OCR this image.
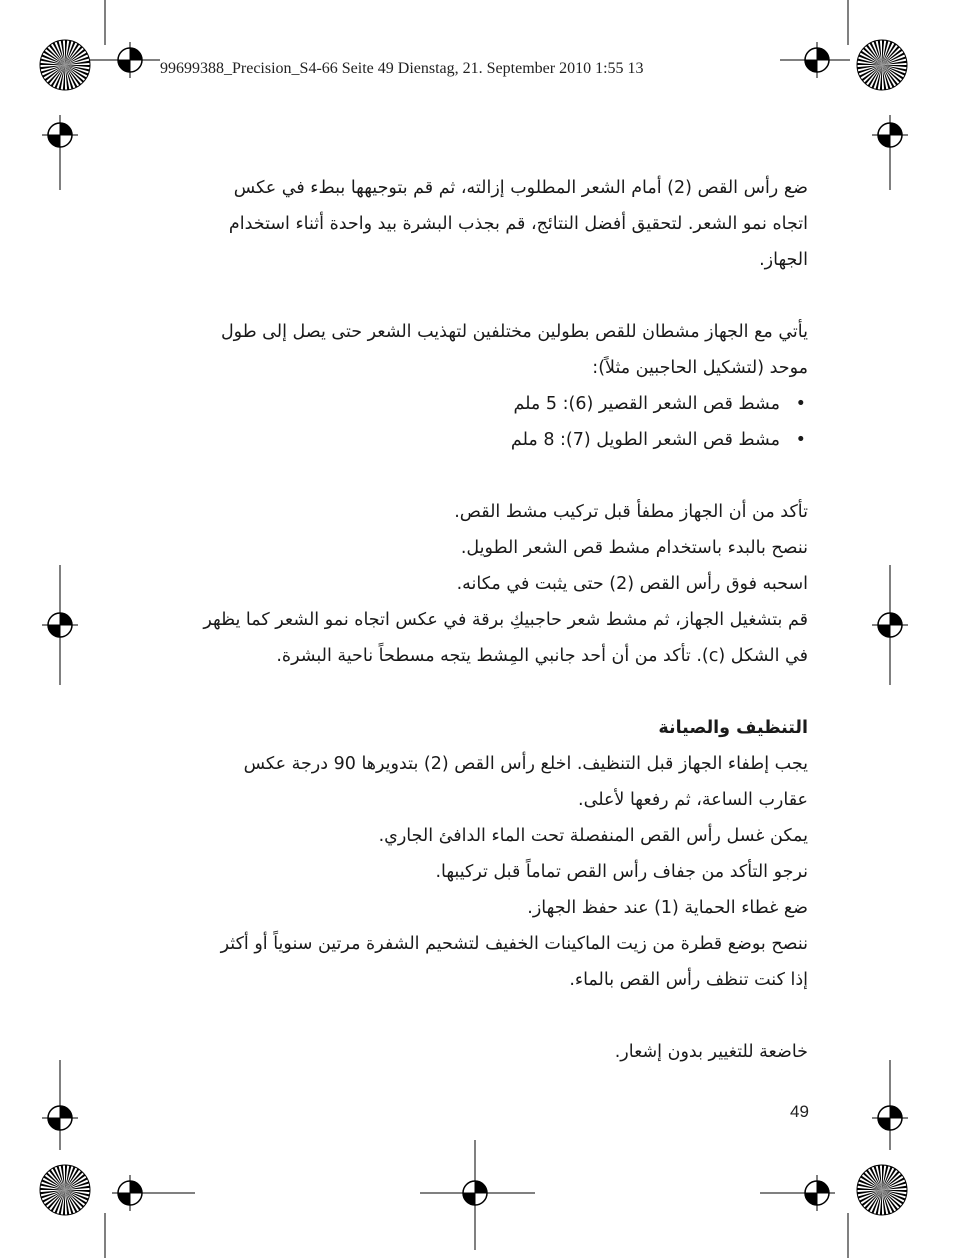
99699388_Precision_S4-66 Seite 49 Dienstag, 21. September 2010 1:55 13

ضع رأس القص (2) أمام الشعر المطلوب إزالته، ثم قم بتوجيهها ببطء في عكس

اتجاه نمو الشعر. لتحقيق أفضل النتائج، قم بجذب البشرة بيد واحدة أثناء استخدام

الجهاز.

يأتي مع الجهاز مشطان للقص بطولين مختلفين لتهذيب الشعر حتى يصل إلى طول

موحد (لتشكيل الحاجبين مثلاً):

• مشط قص الشعر القصير (6): 5 ملم
• مشط قص الشعر الطويل (7): 8 ملم

تأكد من أن الجهاز مطفأ قبل تركيب مشط القص.

ننصح بالبدء باستخدام مشط قص الشعر الطويل.

اسحبه فوق رأس القص (2) حتى يثبت في مكانه.

قم بتشغيل الجهاز، ثم مشط شعر حاجبيكِ برقة في عكس اتجاه نمو الشعر كما يظهر

في الشكل (c). تأكد من أن أحد جانبي المِشط يتجه مسطحاً ناحية البشرة.

التنظيف والصيانة

يجب إطفاء الجهاز قبل التنظيف. اخلع رأس القص (2) بتدويرها 90 درجة عكس

عقارب الساعة، ثم رفعها لأعلى.

يمكن غسل رأس القص المنفصلة تحت الماء الدافئ الجاري.

نرجو التأكد من جفاف رأس القص تماماً قبل تركيبها.

ضع غطاء الحماية (1) عند حفظ الجهاز.

ننصح بوضع قطرة من زيت الماكينات الخفيف لتشحيم الشفرة مرتين سنوياً أو أكثر

إذا كنت تنظف رأس القص بالماء.

خاضعة للتغيير بدون إشعار.

49
